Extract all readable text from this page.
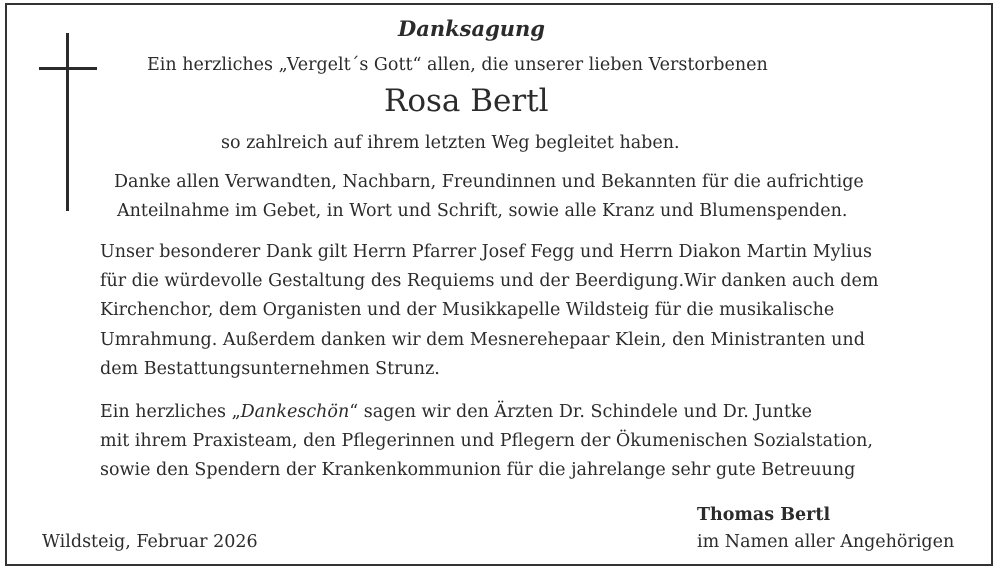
Danksagung

Ein herzliches „Vergelt´s Gott“ allen, die unserer lieben Verstorbenen

Rosa Bertl

so zahlreich auf ihrem letzten Weg begleitet haben.

Danke allen Verwandten, Nachbarn, Freundinnen und Bekannten für die aufrichtige

Anteilnahme im Gebet, in Wort und Schrift, sowie alle Kranz und Blumenspenden.

Unser besonderer Dank gilt Herrn Pfarrer Josef Fegg und Herrn Diakon Martin Mylius

für die würdevolle Gestaltung des Requiems und der Beerdigung.Wir danken auch dem

Kirchenchor, dem Organisten und der Musikkapelle Wildsteig für die musikalische

Umrahmung. Außerdem danken wir dem Mesnerehepaar Klein, den Ministranten und

dem Bestattungsunternehmen Strunz.

Ein herzliches „Dankeschön“ sagen wir den Ärzten Dr. Schindele und Dr. Juntke

mit ihrem Praxisteam, den Pflegerinnen und Pflegern der Ökumenischen Sozialstation,

sowie den Spendern der Krankenkommunion für die jahrelange sehr gute Betreuung

Thomas Bertl

im Namen aller Angehörigen

Wildsteig, Februar 2026
